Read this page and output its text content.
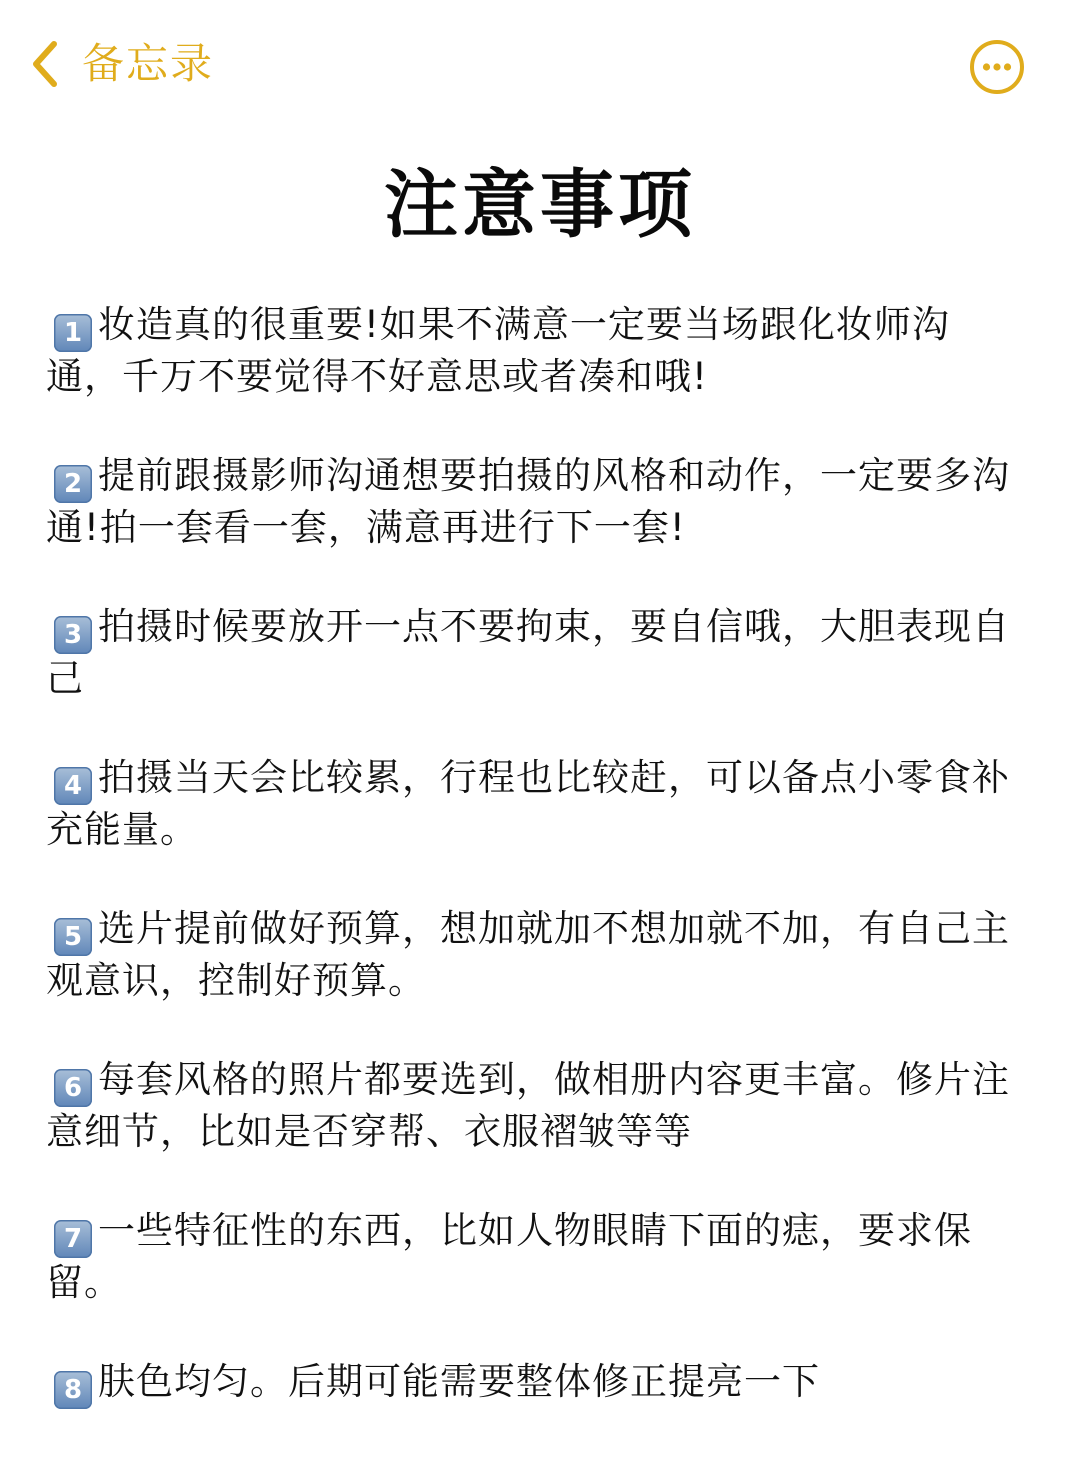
备忘录
注意事项

1 妆造真的很重要!如果不满意一定要当场跟化妆师沟通，千万不要觉得不好意思或者凑和哦!

2 提前跟摄影师沟通想要拍摄的风格和动作，一定要多沟通!拍一套看一套，满意再进行下一套!

3 拍摄时候要放开一点不要拘束，要自信哦，大胆表现自己

4 拍摄当天会比较累，行程也比较赶，可以备点小零食补充能量。

5 选片提前做好预算，想加就加不想加就不加，有自己主观意识，控制好预算。

6 每套风格的照片都要选到，做相册内容更丰富。修片注意细节，比如是否穿帮、衣服褶皱等等

7 一些特征性的东西，比如人物眼睛下面的痣，要求保留。

8 肤色均匀。后期可能需要整体修正提亮一下
